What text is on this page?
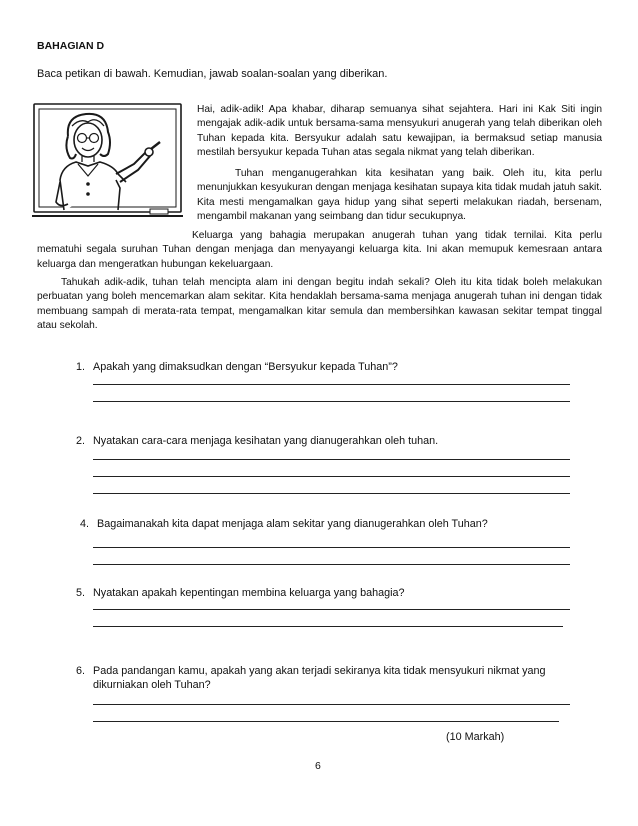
BAHAGIAN D
Baca petikan di bawah. Kemudian, jawab soalan-soalan yang diberikan.
Hai, adik-adik! Apa khabar, diharap semuanya sihat sejahtera. Hari ini Kak Siti ingin mengajak adik-adik untuk bersama-sama mensyukuri anugerah yang telah diberikan oleh Tuhan kepada kita. Bersyukur adalah satu kewajipan, ia bermaksud setiap manusia mestilah bersyukur kepada Tuhan atas segala nikmat yang telah diberikan.
Tuhan menganugerahkan kita kesihatan yang baik. Oleh itu, kita perlu menunjukkan kesyukuran dengan menjaga kesihatan supaya kita tidak mudah jatuh sakit. Kita mesti mengamalkan gaya hidup yang sihat seperti melakukan riadah, bersenam, mengambil makanan yang seimbang dan tidur secukupnya.
Keluarga yang bahagia merupakan anugerah tuhan yang tidak ternilai. Kita perlu mematuhi segala suruhan Tuhan dengan menjaga dan menyayangi keluarga kita. Ini akan memupuk kemesraan antara keluarga dan mengeratkan hubungan kekeluargaan.
Tahukah adik-adik, tuhan telah mencipta alam ini dengan begitu indah sekali? Oleh itu kita tidak boleh melakukan perbuatan yang boleh mencemarkan alam sekitar. Kita hendaklah bersama-sama menjaga anugerah tuhan ini dengan tidak membuang sampah di merata-rata tempat, mengamalkan kitar semula dan membersihkan kawasan sekitar tempat tinggal atau sekolah.
1. Apakah yang dimaksudkan dengan “Bersyukur kepada Tuhan”?
2. Nyatakan cara-cara menjaga kesihatan yang dianugerahkan oleh tuhan.
4. Bagaimanakah kita dapat menjaga alam sekitar yang dianugerahkan oleh Tuhan?
5. Nyatakan apakah kepentingan membina keluarga yang bahagia?
6. Pada pandangan kamu, apakah yang akan terjadi sekiranya kita tidak mensyukuri nikmat yang dikurniakan oleh Tuhan?
(10 Markah)
6
